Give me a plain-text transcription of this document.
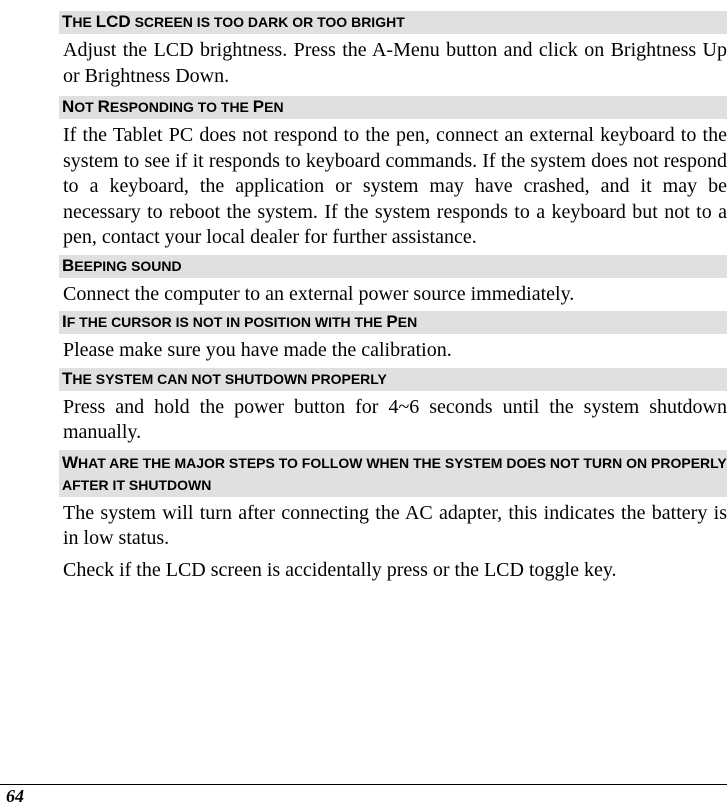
THE LCD SCREEN IS TOO DARK OR TOO BRIGHT
Adjust the LCD brightness. Press the A-Menu button and click on Brightness Up or Brightness Down.
NOT RESPONDING TO THE PEN
If the Tablet PC does not respond to the pen, connect an external keyboard to the system to see if it responds to keyboard commands. If the system does not respond to a keyboard, the application or system may have crashed, and it may be necessary to reboot the system. If the system responds to a keyboard but not to a pen, contact your local dealer for further assistance.
BEEPING SOUND
Connect the computer to an external power source immediately.
IF THE CURSOR IS NOT IN POSITION WITH THE PEN
Please make sure you have made the calibration.
THE SYSTEM CAN NOT SHUTDOWN PROPERLY
Press and hold the power button for 4~6 seconds until the system shutdown manually.
WHAT ARE THE MAJOR STEPS TO FOLLOW WHEN THE SYSTEM DOES NOT TURN ON PROPERLY AFTER IT SHUTDOWN
The system will turn after connecting the AC adapter, this indicates the battery is in low status.
Check if the LCD screen is accidentally press or the LCD toggle key.
64
